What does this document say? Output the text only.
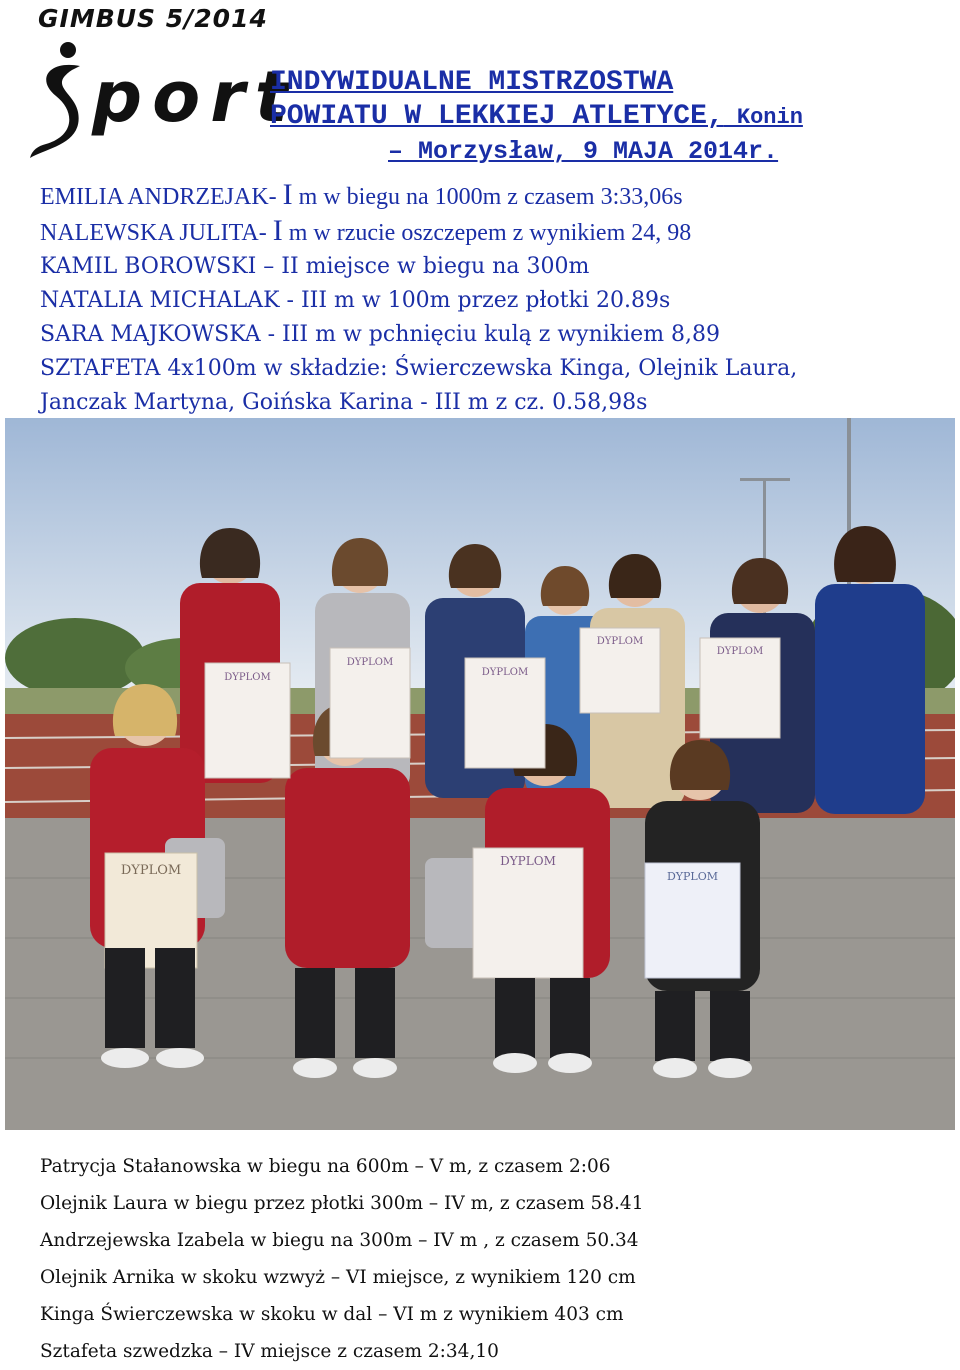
GIMBUS 5/2014
port
INDYWIDUALNE MISTRZOSTWA
POWIATU W LEKKIEJ ATLETYCE, Konin
– Morzysław, 9 MAJA 2014r.
EMILIA ANDRZEJAK- I m w biegu na 1000m z czasem 3:33,06s
NALEWSKA JULITA- I m w rzucie oszczepem z wynikiem 24, 98
KAMIL BOROWSKI – II miejsce w biegu na 300m
NATALIA MICHALAK - III m w 100m przez płotki 20.89s
SARA MAJKOWSKA - III m w pchnięciu kulą z wynikiem 8,89
SZTAFETA 4x100m w składzie: Świerczewska Kinga, Olejnik Laura,
Janczak Martyna, Goińska Karina - III m z cz. 0.58,98s
DYPLOM
DYPLOM
DYPLOM
DYPLOM
DYPLOM
DYPLOM
DYPLOM
DYPLOM
Patrycja Stałanowska w biegu na 600m – V m, z czasem 2:06
Olejnik Laura w biegu przez płotki 300m – IV m, z czasem 58.41
Andrzejewska Izabela w biegu na 300m – IV m , z czasem 50.34
Olejnik Arnika w skoku wzwyż – VI miejsce, z wynikiem 120 cm
Kinga Świerczewska w skoku w dal – VI m z wynikiem 403 cm
Sztafeta szwedzka – IV miejsce z czasem 2:34,10
